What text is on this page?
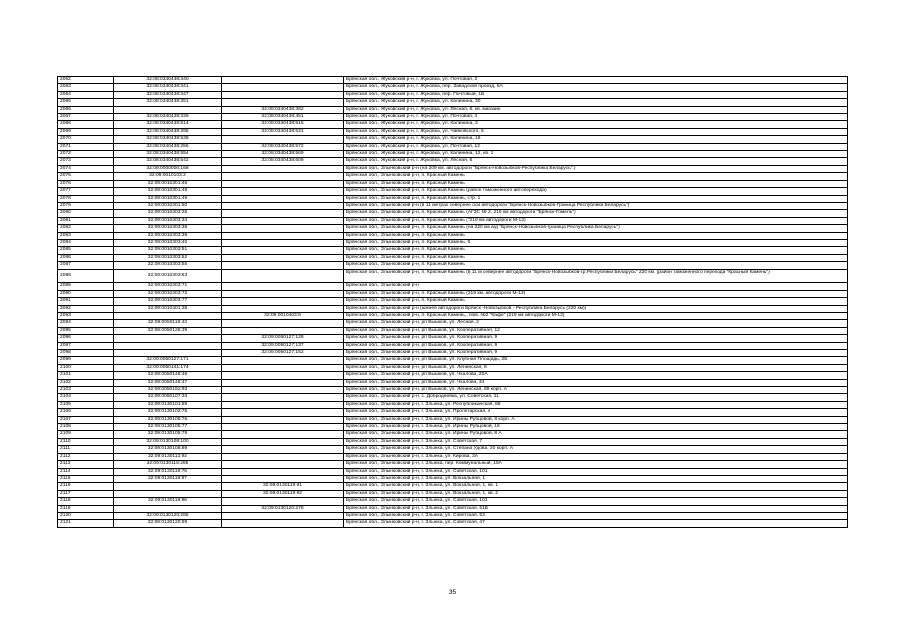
2062	32:08:0340438:340		Брянская обл., Жуковский р-н, г. Жуковка, ул. Почтовая, 2
2063	32:08:0340438:341		Брянская обл., Жуковский р-н, г. Жуковка, пер. Заводской проезд, 5А
2064	32:08:0340438:347		Брянская обл., Жуковский р-н, г. Жуковка, пер. Почтовый, 1Б
2065	32:08:0340438:351		Брянская обл., Жуковский р-н, г. Жуковка, ул. Калинина, 30
2066		32:08:0340438:382	Брянская обл., Жуковский р-н, г. Жуковка, ул. Лесная, 6, кв. магазин
2067	32:08:0340438:339	32:08:0340438:451	Брянская обл., Жуковский р-н, г. Жуковка, ул. Почтовая, 4
2068	32:08:0340438:514	32:08:0340438:515	Брянская обл., Жуковский р-н, г. Жуковка, ул. Калинина, 3
2069	32:08:0340438:285	32:08:0340438:531	Брянская обл., Жуковский р-н, г. Жуковка, ул. Чайковского, 5
2070	32:08:0340438:538		Брянская обл., Жуковский р-н, г. Жуковка, ул. Калинина, 16
2071	32:08:0340438:256	32:08:0340438:572	Брянская обл., Жуковский р-н, г. Жуковка, ул. Почтовая, 12
2072	32:08:0340438:554	32:08:0340438:569	Брянская обл., Жуковский р-н, г. Жуковка, ул. Калинина, 12, кв. 1
2073	32:08:0340438:542	32:08:0340438:609	Брянская обл., Жуковский р-н, г. Жуковка, ул. Лесная, 6
2074	32:09:0000000:168		Брянская обл., Злынковский р-н (на 209 км. автодороги "Брянск-Новозыбков-Республика Беларусь".)
2075	32:09:0010103:2		Брянская обл., Злынковский р-н, п. Красный Камень
2076	32:09:0010301:46		Брянская обл., Злынковский р-н, п. Красный Камень
2077	32:09:0010301:48		Брянская обл., Злынковский р-н, п. Красный Камень (район таможенного автоперехода)
2078	32:09:0010301:49		Брянская обл., Злынковский р-н, п. Красный Камень, стр. 1
2079	32:09:0010301:50		Брянская обл., Злынковский р-н (в 11 метрах севернее оси автодороги "Брянск-Новозыбков-Граница Республики Беларусь")
2080	32:09:0010303:26		Брянская обл., Злынковский р-н, п. Красный Камень (АГЗС № 2, 219 км автодороги "Брянск-Гомель")
2081	32:09:0010303:34		Брянская обл., Злынковский р-н, п. Красный Камень ("219 км автодороги М-13)
2082	32:09:0010303:38		Брянская обл., Злынковский р-н, п. Красный Камень (на 220 км а/д "Брянск-Новозыбков-граница Республика Беларусь")
2083	32:09:0010303:39		Брянская обл., Злынковский р-н, п. Красный Камень
2084	32:09:0010303:40		Брянская обл., Злынковский р-н, п. Красный Камень, 6
2085	32:09:0010303:51		Брянская обл., Злынковский р-н, п. Красный Камень
2086	32:09:0010303:52		Брянская обл., Злынковский р-н, п. Красный Камень
2087	32:09:0010303:55		Брянская обл., Злынковский р-н, п. Красный Камень
2088	32:09:0010303:63		Брянская обл., Злынковский р-н, п. Красный Камень (в 11 м севернее автодороги "Брянск-Новозыбков-гр.Республики Беларусь" 220 км. (район таможенного перехода "Красный Камень")
2089	32:09:0010303:71		Брянская обл., Злынковский р-н
2090	32:09:0010303:72		Брянская обл., Злынковский р-н, п. Красный Камень (219 км. автодороги М-13)
2091	32:09:0010303:77		Брянская обл., Злынковский р-н, п. Красный Камень
2092	32:09:0010401:38		Брянская обл., Злынковский р-н (южнее автодороги Брянск -Новозыбков - Республика Беларусь (220 км))
2093		32:09:0010403:6	Брянская обл., Злынковский р-н, п. Красный Камень,, пом. №2 "Кафе" (219 км автодороги М-13)
2094	32:09:0050119:43		Брянская обл., Злынковский р-н, рп Вышков, ул. Лесная, 2
2095	32:09:0050126:39		Брянская обл., Злынковский р-н, рп Вышков, ул. Кооперативная, 12
2096		32:09:0050127:128	Брянская обл., Злынковский р-н, рп Вышков, ул. Кооперативная, 9
2097		32:09:0050127:137	Брянская обл., Злынковский р-н, рп Вышков, ул. Кооперативная, 9
2098		32:09:0050127:152	Брянская обл., Злынковский р-н, рп Вышков, ул. Кооперативная, 9
2099	32:09:0050127:171		Брянская обл., Злынковский р-н, рп Вышков, ул. Клубная Площадь, 2Б
2100	32:09:0050141:174		Брянская обл., Злынковский р-н, рп Вышков, ул. Ленинская, 6
2101	32:09:0050149:46		Брянская обл., Злынковский р-н, рп Вышков, ул. Чкалова, 20А
2102	32:09:0050149:47		Брянская обл., Злынковский р-н, рп Вышков, ул. Чкалова, 34
2103	32:09:0050152:93		Брянская обл., Злынковский р-н, рп Вышков, ул. Ленинская, 88 корп. А
2104	32:09:0060107:33		Брянская обл., Злынковский р-н, с. Добродеевка, ул. Советская, 11
2105	32:09:0130101:89		Брянская обл., Злынковский р-н, г. Злынка, ул. Республиканская, 88
2106	32:09:0130102:75		Брянская обл., Злынковский р-н, г. Злынка, ул. Пролетарская, 4
2107	32:09:0130105:76		Брянская обл., Злынковский р-н, г. Злынка, ул. Ирины Рубцовой, 8 корп. А
2108	32:09:0130105:77		Брянская обл., Злынковский р-н, г. Злынка, ул. Ирины Рубцовой, 16
2109	32:09:0130105:79		Брянская обл., Злынковский р-н, г. Злынка, ул. Ирины Рубцовой, 8 А
2110	32:09:0130108:100		Брянская обл., Злынковский р-н, г. Злынка, ул. Советская, 7
2111	32:09:0130108:89		Брянская обл., Злынковский р-н, г. Злынка, ул. Степана Удова, 20 корп. А
2112	32:09:0130113:92		Брянская обл., Злынковский р-н, г. Злынка, ул. Кирова, 3А
2113	32:09:0130115:265		Брянская обл., Злынковский р-н, г. Злынка, пер. Коммунальный, 15А
2114	32:09:0130119:76		Брянская обл., Злынковский р-н, г. Злынка, ул. Советская, 101
2115	32:09:0130119:87		Брянская обл., Злынковский р-н, г. Злынка, ул. Вокзальная, 1
2116		32:09:0130119:91	Брянская обл., Злынковский р-н, г. Злынка, ул. Вокзальная, 1, кв. 1
2117		32:09:0130119:92	Брянская обл., Злынковский р-н, г. Злынка, ул. Вокзальная, 1, кв. 2
2118	32:09:0130119:96		Брянская обл., Злынковский р-н, г. Злынка, ул. Советская, 101
2119		32:09:0130120:278	Брянская обл., Злынковский р-н, г. Злынка, ул. Советская, 51Б
2120	32:09:0130120:285		Брянская обл., Злынковский р-н, г. Злынка, ул. Советская, 53
2121	32:09:0130120:99		Брянская обл., Злынковский р-н, г. Злынка, ул. Советская, 47
35
